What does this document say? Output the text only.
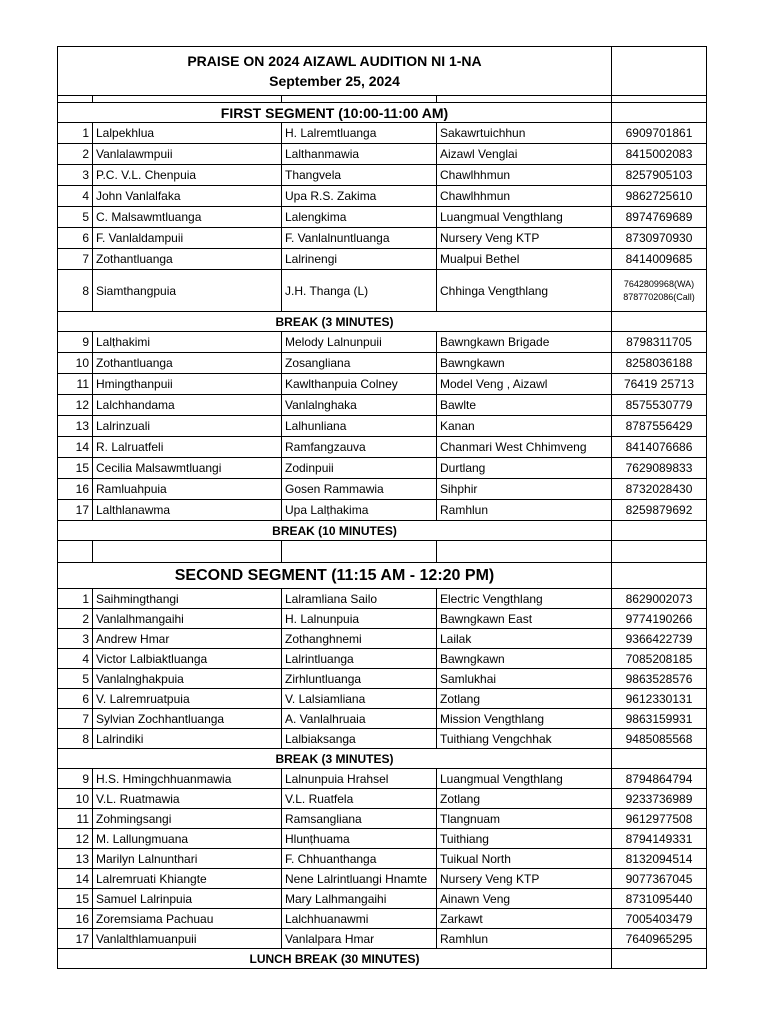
PRAISE ON 2024 AIZAWL AUDITION NI 1-NA
September 25, 2024				

FIRST SEGMENT (10:00-11:00 AM)				
1	Lalpekhlua	H. Lalremtluanga	Sakawrtuichhun	6909701861
2	Vanlalawmpuii	Lalthanmawia	Aizawl Venglai	8415002083
3	P.C. V.L. Chenpuia	Thangvela	Chawlhhmun	8257905103
4	John Vanlalfaka	Upa R.S. Zakima	Chawlhhmun	9862725610
5	C. Malsawmtluanga	Lalengkima	Luangmual Vengthlang	8974769689
6	F. Vanlaldampuii	F. Vanlalnuntluanga	Nursery Veng KTP	8730970930
7	Zothantluanga	Lalrinengi	Mualpui Bethel	8414009685
8	Siamthangpuia	J.H. Thanga (L)	Chhinga Vengthlang	7642809968(WA)
8787702086(Call)

BREAK (3 MINUTES)				
9	Lalṭhakimi	Melody Lalnunpuii	Bawngkawn Brigade	8798311705
10	Zothantluanga	Zosangliana	Bawngkawn	8258036188
11	Hmingthanpuii	Kawlthanpuia Colney	Model Veng , Aizawl	76419 25713
12	Lalchhandama	Vanlalnghaka	Bawlte	8575530779
13	Lalrinzuali	Lalhunliana	Kanan	8787556429
14	R. Lalruatfeli	Ramfangzauva	Chanmari West Chhimveng	8414076686
15	Cecilia Malsawmtluangi	Zodinpuii	Durtlang	7629089833
16	Ramluahpuia	Gosen Rammawia	Sihphir	8732028430
17	Lalthlanawma	Upa Lalṭhakima	Ramhlun	8259879692
BREAK (10 MINUTES)				

SECOND SEGMENT (11:15 AM - 12:20 PM)				
1	Saihmingthangi	Lalramliana Sailo	Electric Vengthlang	8629002073
2	Vanlalhmangaihi	H. Lalnunpuia	Bawngkawn East	9774190266
3	Andrew Hmar	Zothanghnemi	Lailak	9366422739
4	Victor Lalbiaktluanga	Lalrintluanga	Bawngkawn	7085208185
5	Vanlalnghakpuia	Zirhluntluanga	Samlukhai	9863528576
6	V. Lalremruatpuia	V. Lalsiamliana	Zotlang	9612330131
7	Sylvian Zochhantluanga	A. Vanlalhruaia	Mission Vengthlang	9863159931
8	Lalrindiki	Lalbiaksanga	Tuithiang Vengchhak	9485085568
BREAK (3 MINUTES)				
9	H.S. Hmingchhuanmawia	Lalnunpuia Hrahsel	Luangmual Vengthlang	8794864794
10	V.L. Ruatmawia	V.L. Ruatfela	Zotlang	9233736989
11	Zohmingsangi	Ramsangliana	Tlangnuam	9612977508
12	M. Lallungmuana	Hlunṭhuama	Tuithiang	8794149331
13	Marilyn Lalnunthari	F. Chhuanthanga	Tuikual North	8132094514
14	Lalremruati Khiangte	Nene Lalrintluangi Hnamte	Nursery Veng KTP	9077367045
15	Samuel Lalrinpuia	Mary Lalhmangaihi	Ainawn Veng	8731095440
16	Zoremsiama Pachuau	Lalchhuanawmi	Zarkawt	7005403479
17	Vanlalthlamuanpuii	Vanlalpara Hmar	Ramhlun	7640965295
LUNCH BREAK (30 MINUTES)				
